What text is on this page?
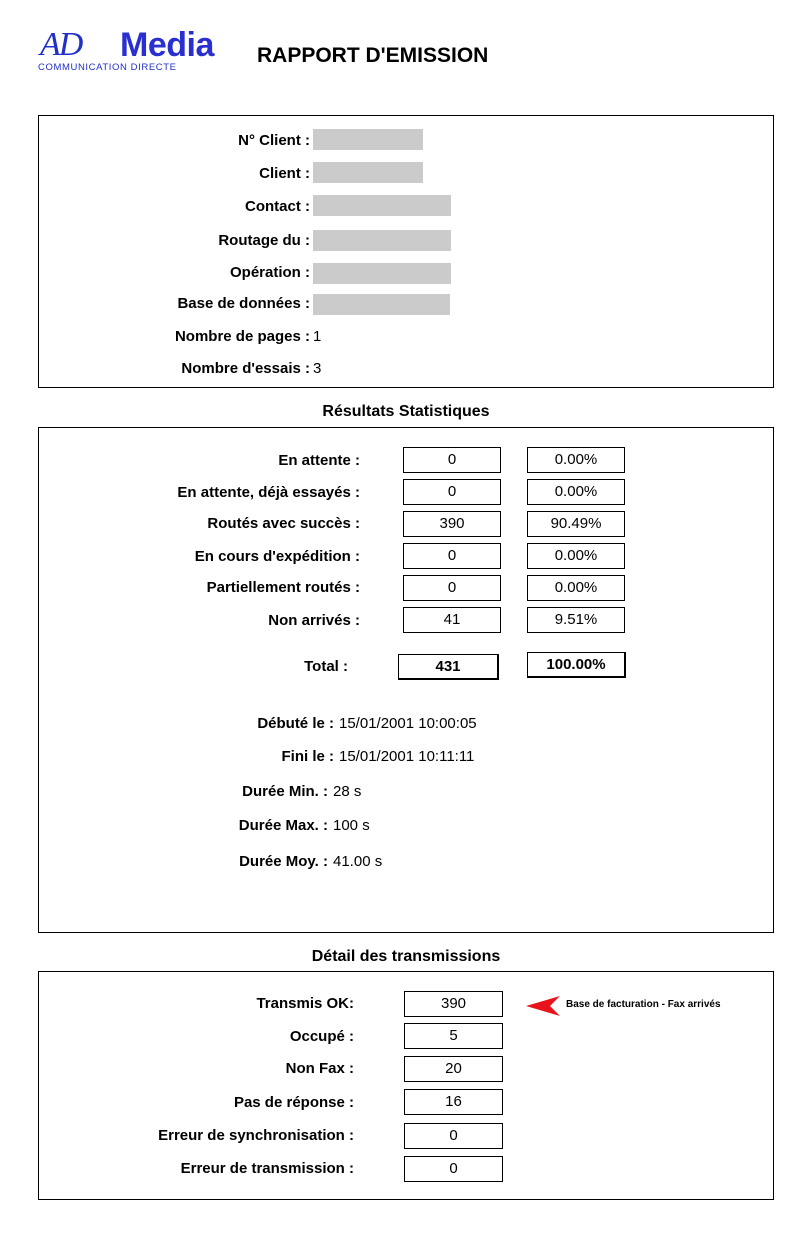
AD Media
COMMUNICATION DIRECTE
RAPPORT D'EMISSION
N° Client :
Client :
Contact :
Routage du :
Opération :
Base de données :
Nombre de pages : 1
Nombre d'essais : 3
Résultats Statistiques
En attente :	0	0.00%
En attente, déjà essayés :	0	0.00%
Routés avec succès :	390	90.49%
En cours d'expédition :	0	0.00%
Partiellement routés :	0	0.00%
Non arrivés :	41	9.51%
Total :	431	100.00%
Débuté le : 15/01/2001 10:00:05
Fini le : 15/01/2001 10:11:11
Durée Min. : 28 s
Durée Max. : 100 s
Durée Moy. : 41.00 s
Détail des transmissions
Transmis OK:	390
Occupé :	5
Non Fax :	20
Pas de réponse :	16
Erreur de synchronisation :	0
Erreur de transmission :	0
Base de facturation - Fax arrivés
